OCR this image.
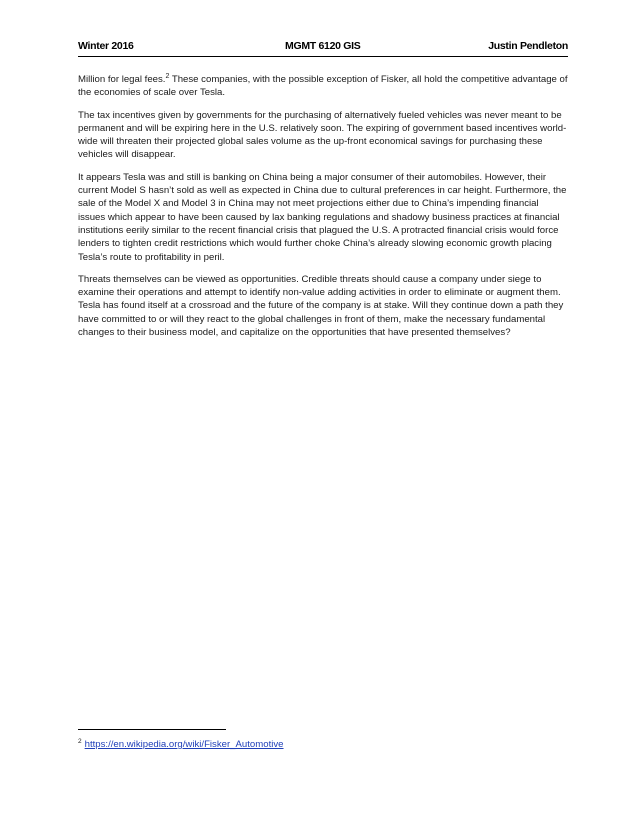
Winter 2016	MGMT 6120 GIS	Justin Pendleton

Million for legal fees.$^2$ These companies, with the possible exception of Fisker, all hold the competitive advantage of the economies of scale over Tesla.

The tax incentives given by governments for the purchasing of alternatively fueled vehicles was never meant to be permanent and will be expiring here in the U.S. relatively soon. The expiring of government based incentives world-wide will threaten their projected global sales volume as the up-front economical savings for purchasing these vehicles will disappear.

It appears Tesla was and still is banking on China being a major consumer of their automobiles. However, their current Model S hasn’t sold as well as expected in China due to cultural preferences in car height. Furthermore, the sale of the Model X and Model 3 in China may not meet projections either due to China’s impending financial issues which appear to have been caused by lax banking regulations and shadowy business practices at financial institutions eerily similar to the recent financial crisis that plagued the U.S. A protracted financial crisis would force lenders to tighten credit restrictions which would further choke China’s already slowing economic growth placing Tesla’s route to profitability in peril.

Threats themselves can be viewed as opportunities. Credible threats should cause a company under siege to examine their operations and attempt to identify non-value adding activities in order to eliminate or augment them. Tesla has found itself at a crossroad and the future of the company is at stake. Will they continue down a path they have committed to or will they react to the global challenges in front of them, make the necessary fundamental changes to their business model, and capitalize on the opportunities that have presented themselves?

$^2$ https://en.wikipedia.org/wiki/Fisker_Automotive
